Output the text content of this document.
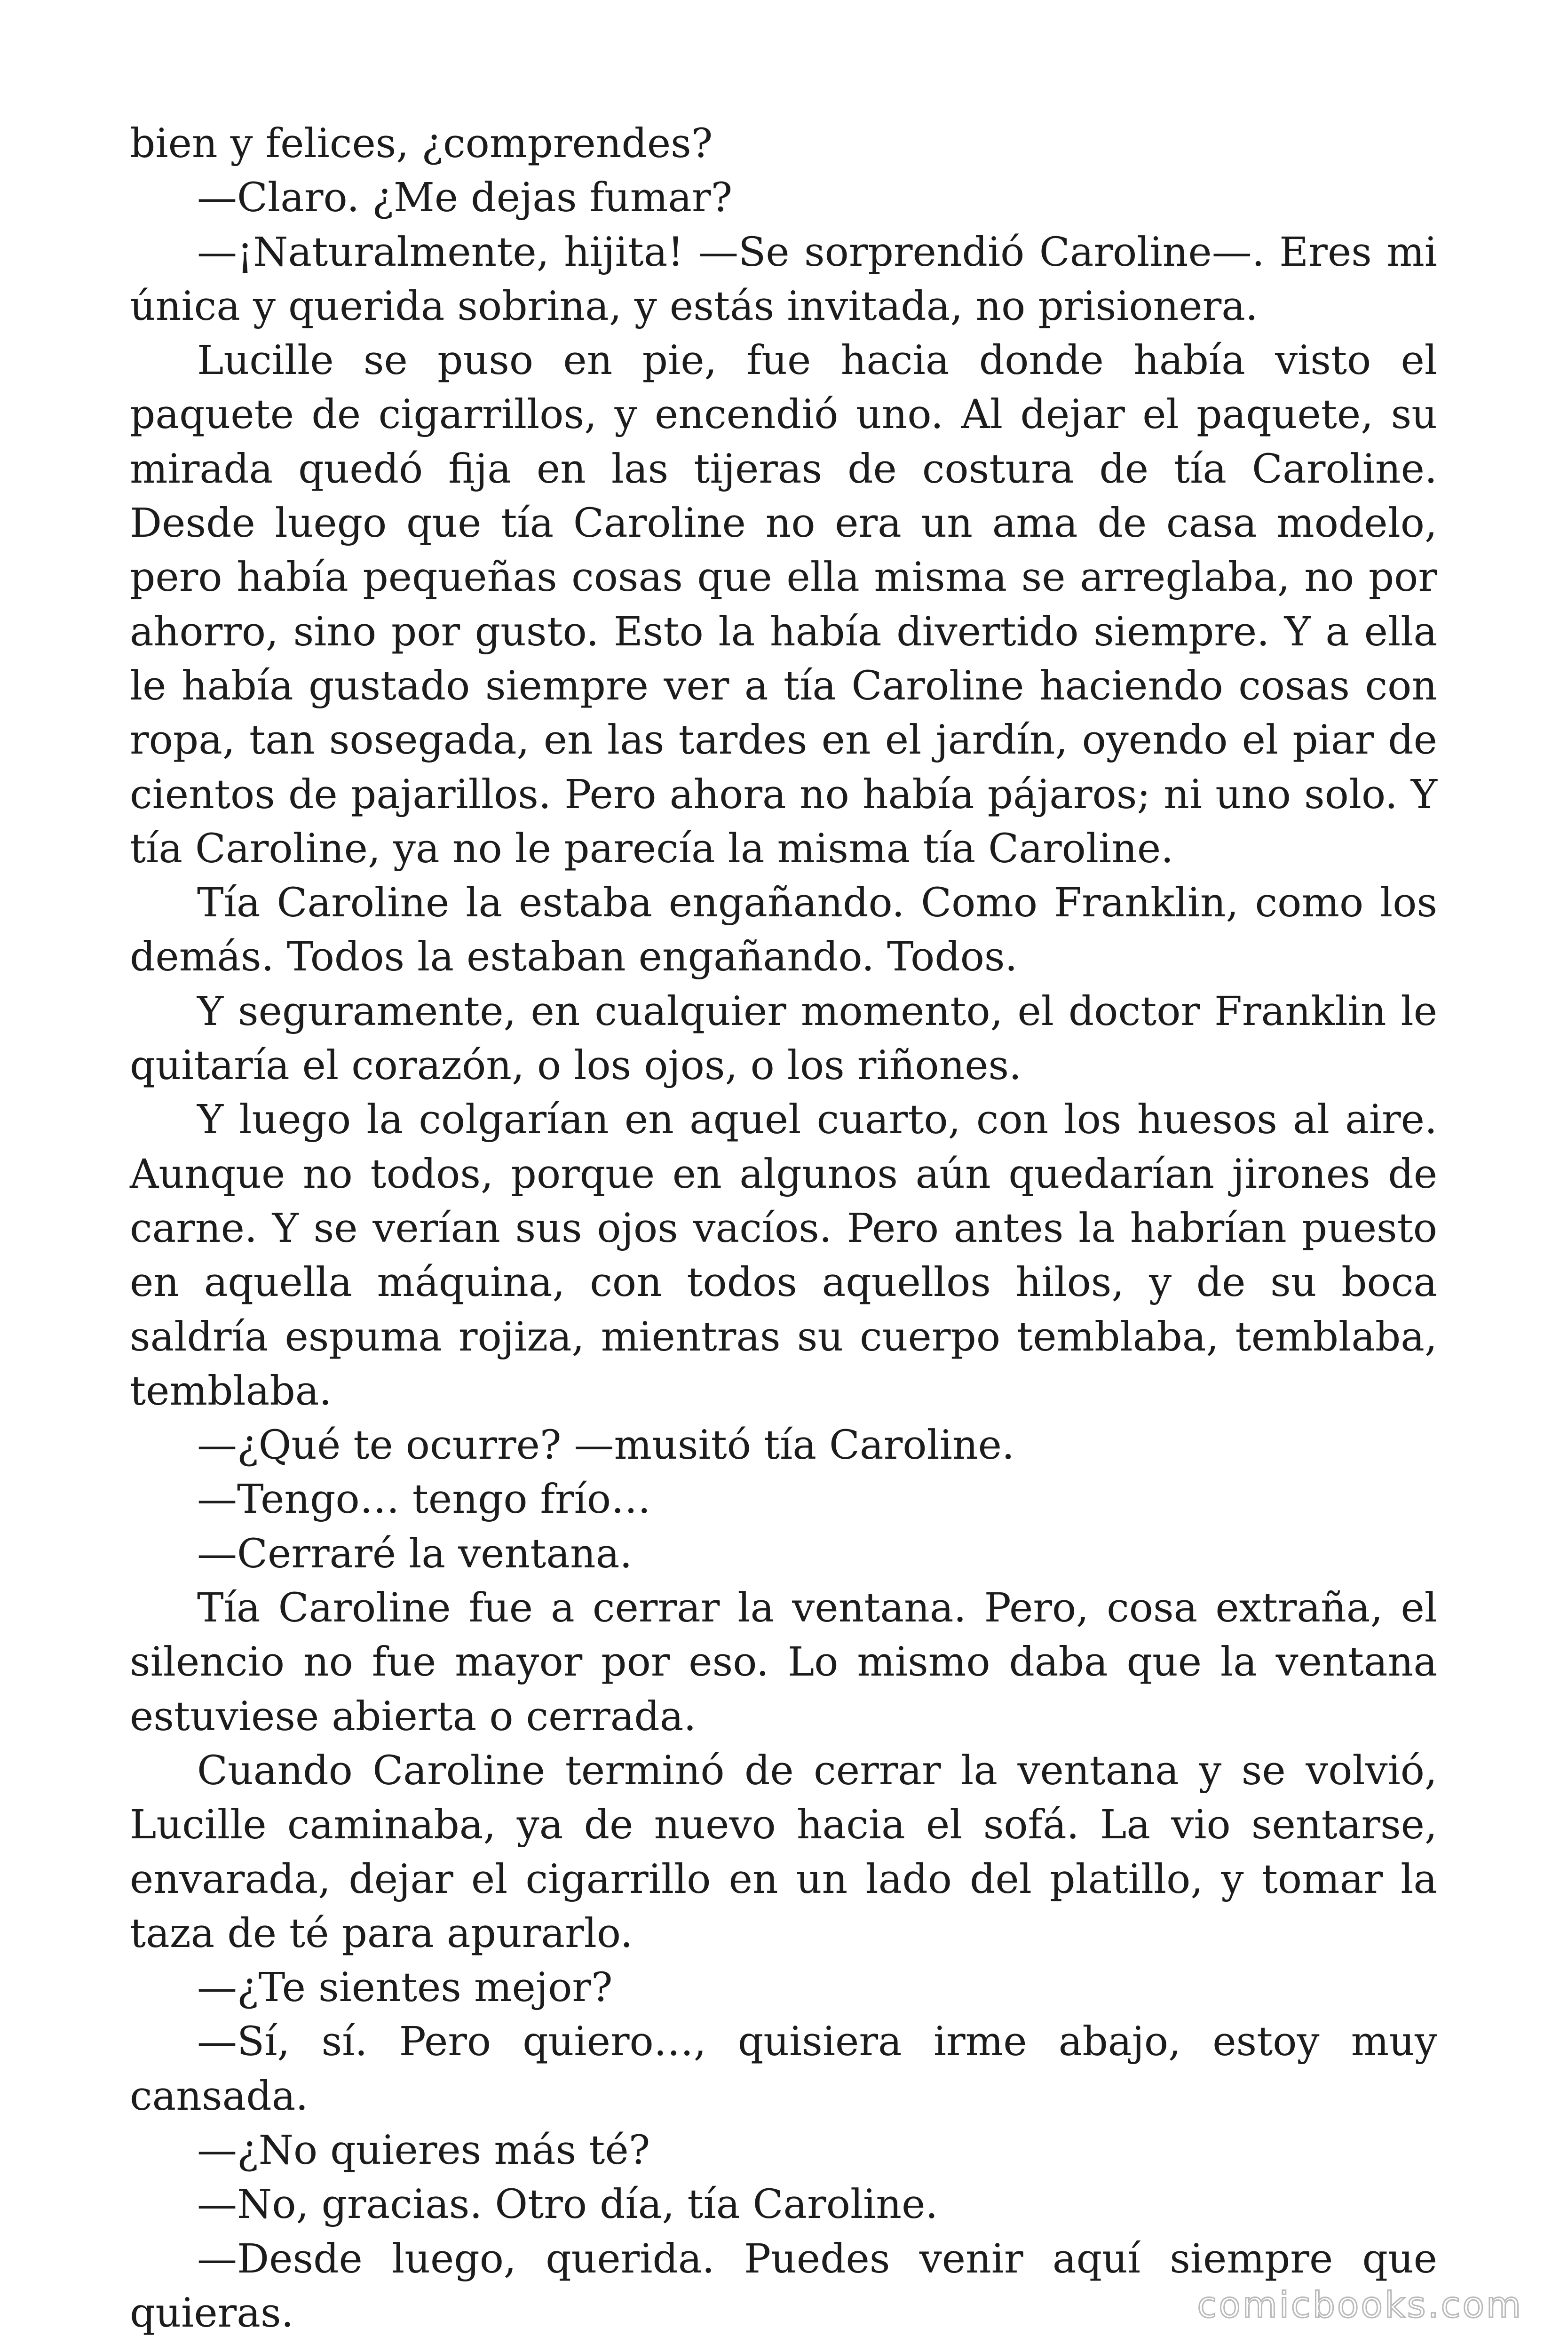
bien y felices, ¿comprendes?

—Claro. ¿Me dejas fumar?

—¡Naturalmente, hijita! —Se sorprendió Caroline—. Eres mi única y querida sobrina, y estás invitada, no prisionera.

Lucille se puso en pie, fue hacia donde había visto el paquete de cigarrillos, y encendió uno. Al dejar el paquete, su mirada quedó fija en las tijeras de costura de tía Caroline. Desde luego que tía Caroline no era un ama de casa modelo, pero había pequeñas cosas que ella misma se arreglaba, no por ahorro, sino por gusto. Esto la había divertido siempre. Y a ella le había gustado siempre ver a tía Caroline haciendo cosas con ropa, tan sosegada, en las tardes en el jardín, oyendo el piar de cientos de pajarillos. Pero ahora no había pájaros; ni uno solo. Y tía Caroline, ya no le parecía la misma tía Caroline.

Tía Caroline la estaba engañando. Como Franklin, como los demás. Todos la estaban engañando. Todos.

Y seguramente, en cualquier momento, el doctor Franklin le quitaría el corazón, o los ojos, o los riñones.

Y luego la colgarían en aquel cuarto, con los huesos al aire. Aunque no todos, porque en algunos aún quedarían jirones de carne. Y se verían sus ojos vacíos. Pero antes la habrían puesto en aquella máquina, con todos aquellos hilos, y de su boca saldría espuma rojiza, mientras su cuerpo temblaba, temblaba, temblaba.

—¿Qué te ocurre? —musitó tía Caroline.

—Tengo… tengo frío…

—Cerraré la ventana.

Tía Caroline fue a cerrar la ventana. Pero, cosa extraña, el silencio no fue mayor por eso. Lo mismo daba que la ventana estuviese abierta o cerrada.

Cuando Caroline terminó de cerrar la ventana y se volvió, Lucille caminaba, ya de nuevo hacia el sofá. La vio sentarse, envarada, dejar el cigarrillo en un lado del platillo, y tomar la taza de té para apurarlo.

—¿Te sientes mejor?

—Sí, sí. Pero quiero…, quisiera irme abajo, estoy muy cansada.

—¿No quieres más té?

—No, gracias. Otro día, tía Caroline.

—Desde luego, querida. Puedes venir aquí siempre que quieras.	comicbooks.com
